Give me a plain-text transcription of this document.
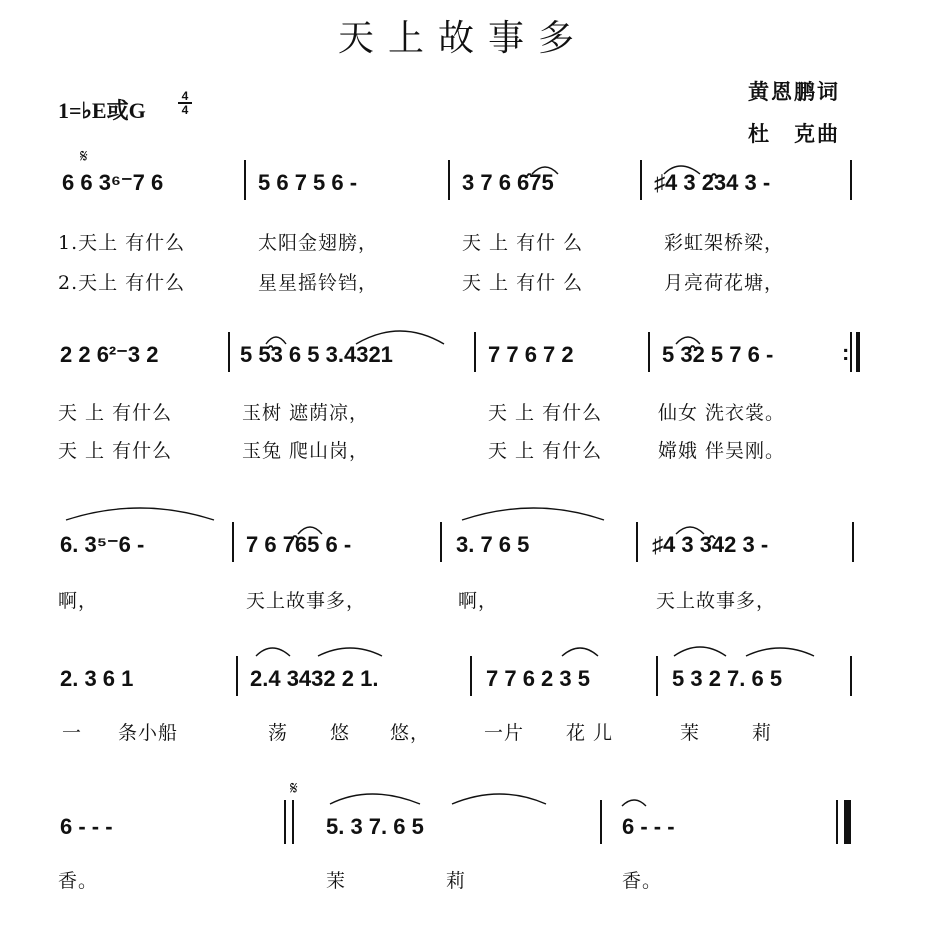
天上故事多
黄恩鹏词
杜　克曲
1=♭E或G	$\frac{4}{4}$
𝄋
𝄋
6 6 3⁶⁻7 6	5 6 7 5 6 -	3 7 6 6̂75	♯4 3 2̂34 3 -
1.天上 有什么	太阳金翅膀，	天 上 有什 么	彩虹架桥梁，
2.天上 有什么	星星摇铃铛，	天 上 有什 么	月亮荷花塘，
2 2 6²⁻3 2	5 5̂3 6 5 3.4321	7 7 6 7 2	5 3̂2 5 7 6 -	:
天 上 有什么	玉树 遮荫凉，	天 上 有什么	仙女 洗衣裳。
天 上 有什么	玉兔 爬山岗，	天 上 有什么	嫦娥 伴吴刚。
6. 3⁵⁻6 -	7 6 7̂65 6 -	3. 7 6 5	♯4 3 3̂42 3 -
啊，	天上故事多，	啊，	天上故事多，
2. 3 6 1	2.4 3432 2 1.	7 7 6 2 3 5	5 3 2 7. 6 5
一 条小船	荡 悠 悠，	一片 花 儿	茉	莉
6 - - -	5. 3 7. 6 5	6 - - -
香。	茉	莉	香。
